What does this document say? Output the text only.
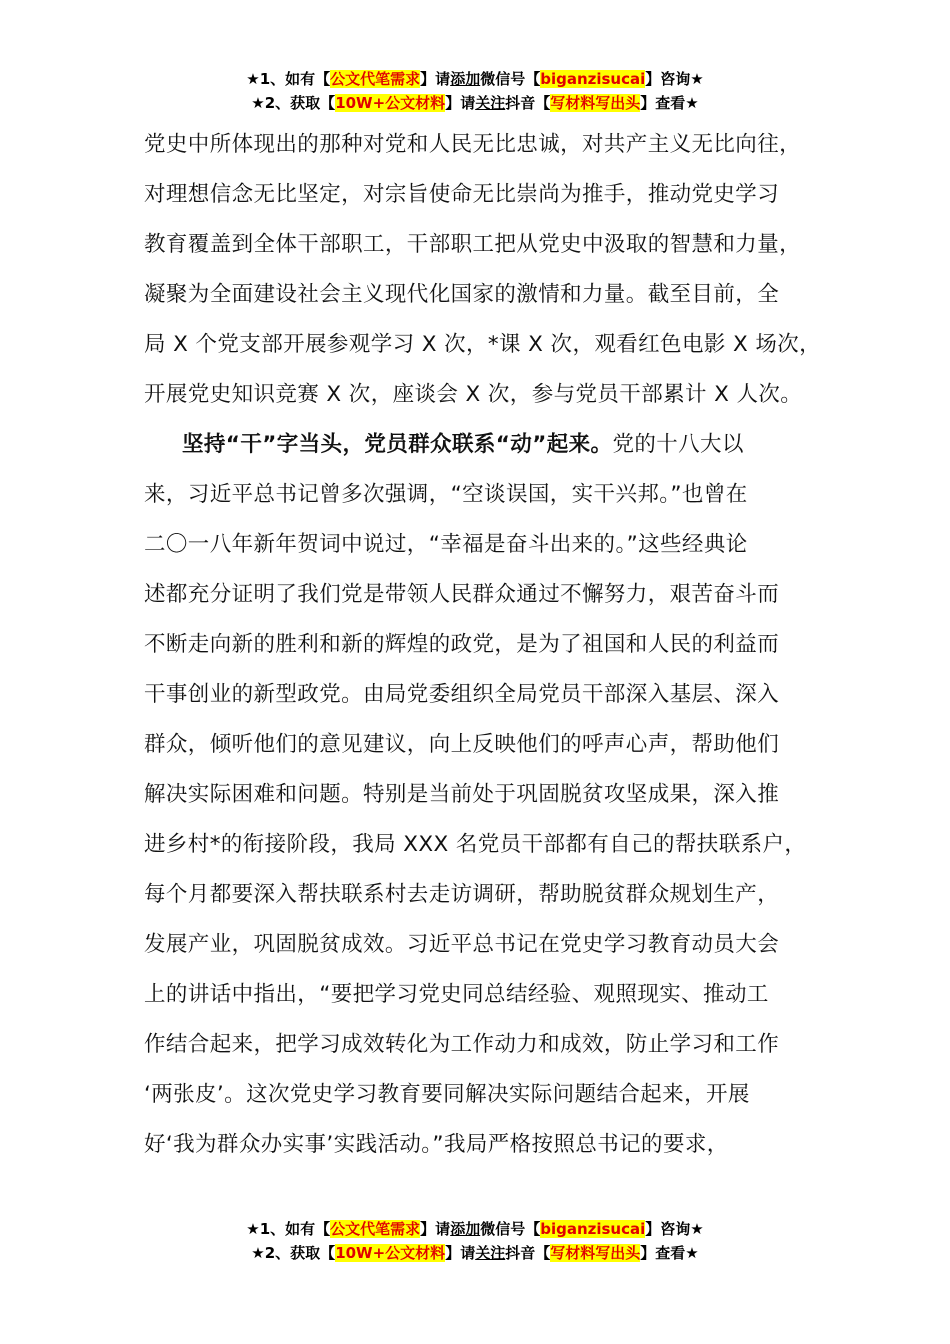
★1、如有【公文代笔需求】请添加微信号【biganzisucai】咨询★
★2、获取【10W+公文材料】请关注抖音【写材料写出头】查看★
党史中所体现出的那种对党和人民无比忠诚，对共产主义无比向往，
对理想信念无比坚定，对宗旨使命无比崇尚为推手，推动党史学习
教育覆盖到全体干部职工，干部职工把从党史中汲取的智慧和力量，
凝聚为全面建设社会主义现代化国家的激情和力量。截至目前，全
局 X 个党支部开展参观学习 X 次，*课 X 次，观看红色电影 X 场次，
开展党史知识竞赛 X 次，座谈会 X 次，参与党员干部累计 X 人次。
坚持“干”字当头，党员群众联系“动”起来。党的十八大以
来，习近平总书记曾多次强调，“空谈误国，实干兴邦。”也曾在
二〇一八年新年贺词中说过，“幸福是奋斗出来的。”这些经典论
述都充分证明了我们党是带领人民群众通过不懈努力，艰苦奋斗而
不断走向新的胜利和新的辉煌的政党，是为了祖国和人民的利益而
干事创业的新型政党。由局党委组织全局党员干部深入基层、深入
群众，倾听他们的意见建议，向上反映他们的呼声心声，帮助他们
解决实际困难和问题。特别是当前处于巩固脱贫攻坚成果，深入推
进乡村*的衔接阶段，我局 XXX 名党员干部都有自己的帮扶联系户，
每个月都要深入帮扶联系村去走访调研，帮助脱贫群众规划生产，
发展产业，巩固脱贫成效。习近平总书记在党史学习教育动员大会
上的讲话中指出，“要把学习党史同总结经验、观照现实、推动工
作结合起来，把学习成效转化为工作动力和成效，防止学习和工作
‘两张皮’。这次党史学习教育要同解决实际问题结合起来，开展
好‘我为群众办实事’实践活动。”我局严格按照总书记的要求，
★1、如有【公文代笔需求】请添加微信号【biganzisucai】咨询★
★2、获取【10W+公文材料】请关注抖音【写材料写出头】查看★
